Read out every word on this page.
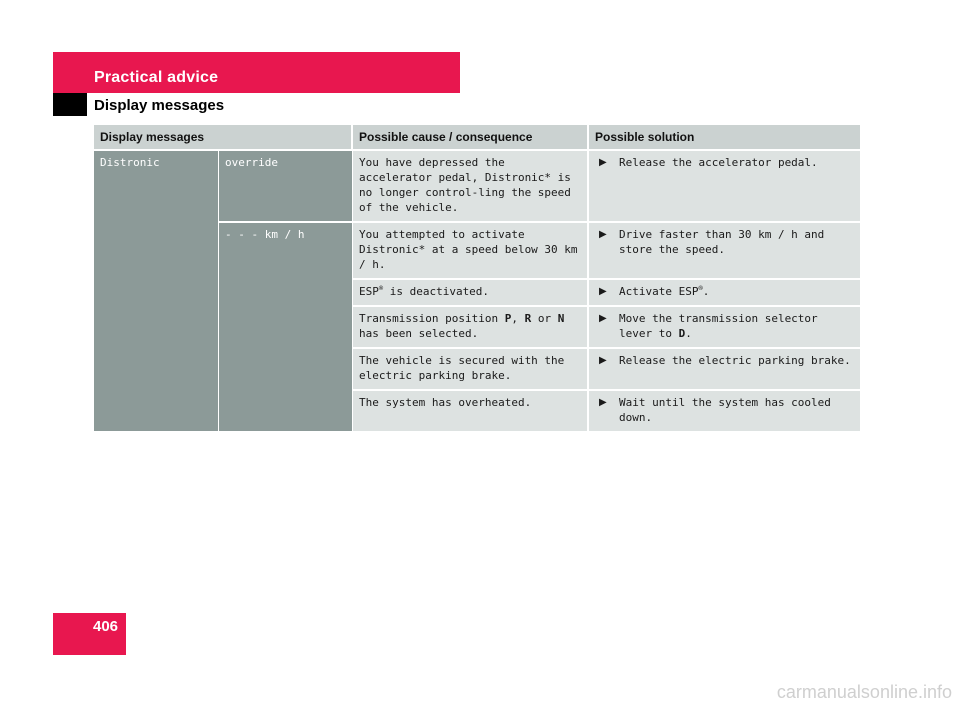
Practical advice
Display messages
Display messages		Possible cause / consequence	Possible solution
Distronic	override	You have depressed the accelerator pedal, Distronic* is no longer control-ling the speed of the vehicle.	▶ Release the accelerator pedal.

	- - - km / h	You attempted to activate Distronic* at a speed below 30 km / h.	▶ Drive faster than 30 km / h and store the speed.

		ESP® is deactivated.	▶ Activate ESP®.

		Transmission position P, R or N has been selected.	▶ Move the transmission selector lever to D.

		The vehicle is secured with the electric parking brake.	▶ Release the electric parking brake.

		The system has overheated.	▶ Wait until the system has cooled down.
406
carmanualsonline.info
